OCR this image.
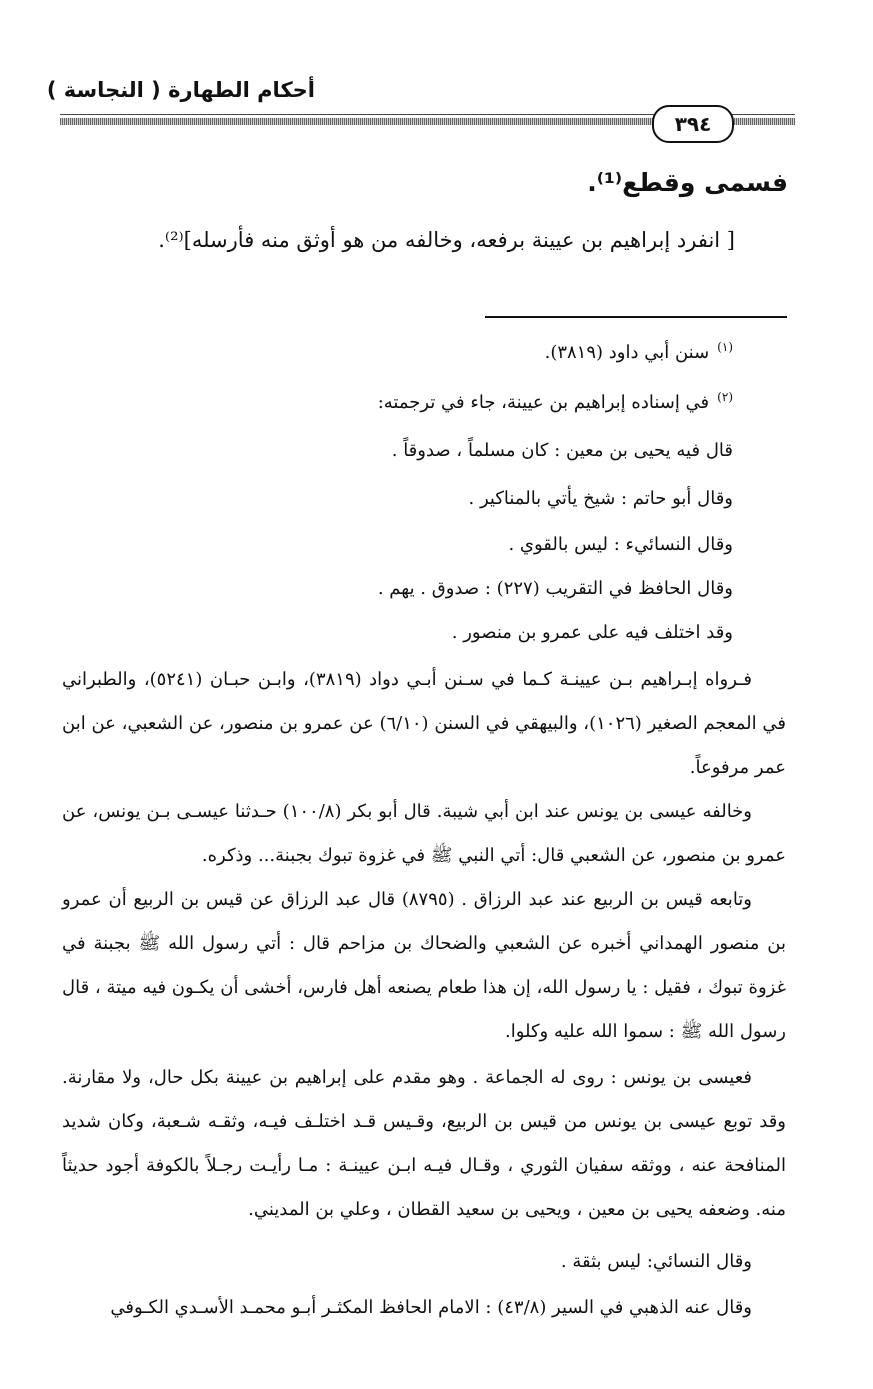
أحكام الطهارة ( النجاسة )
٣٩٤
فسمى وقطع⁽¹⁾.
[ انفرد إبراهيم بن عيينة برفعه، وخالفه من هو أوثق منه فأرسله]⁽²⁾.
$^{(١)}$سنن أبي داود (٣٨١٩).
$^{(٢)}$في إسناده إبراهيم بن عيينة، جاء في ترجمته:
قال فيه يحيى بن معين : كان مسلماً ، صدوقاً .
وقال أبو حاتم : شيخ يأتي بالمناكير .
وقال النسائيء : ليس بالقوي .
وقال الحافظ في التقريب (٢٢٧) : صدوق . يهم .
وقد اختلف فيه على عمرو بن منصور .
فـرواه إبـراهيم بـن عيينـة كـما في سـنن أبـي دواد (٣٨١٩)، وابـن حبـان (٥٢٤١)، والطبراني في المعجم الصغير (١٠٢٦)، والبيهقي في السنن (٦/١٠) عن عمرو بن منصور، عن الشعبي، عن ابن عمر مرفوعاً.
وخالفه عيسى بن يونس عند ابن أبي شيبة. قال أبو بكر (١٠٠/٨) حـدثنا عيسـى بـن يونس، عن عمرو بن منصور، عن الشعبي قال: أتي النبي ﷺ في غزوة تبوك بجبنة... وذكره.
وتابعه قيس بن الربيع عند عبد الرزاق . (٨٧٩٥) قال عبد الرزاق عن قيس بن الربيع أن عمرو بن منصور الهمداني أخبره عن الشعبي والضحاك بن مزاحم قال : أتي رسول الله ﷺ بجبنة في غزوة تبوك ، فقيل : يا رسول الله، إن هذا طعام يصنعه أهل فارس، أخشى أن يكـون فيه ميتة ، قال رسول الله ﷺ : سموا الله عليه وكلوا.
فعيسى بن يونس : روى له الجماعة . وهو مقدم على إبراهيم بن عيينة بكل حال، ولا مقارنة. وقد توبع عيسى بن يونس من قيس بن الربيع، وقـيس قـد اختلـف فيـه، وثقـه شـعبة، وكان شديد المنافحة عنه ، ووثقه سفيان الثوري ، وقـال فيـه ابـن عيينـة : مـا رأيـت رجـلاً بالكوفة أجود حديثاً منه. وضعفه يحيى بن معين ، ويحيى بن سعيد القطان ، وعلي بن المديني.
وقال النسائي: ليس بثقة .
وقال عنه الذهبي في السير (٤٣/٨) : الامام الحافظ المكثـر أبـو محمـد الأسـدي الكـوفي
